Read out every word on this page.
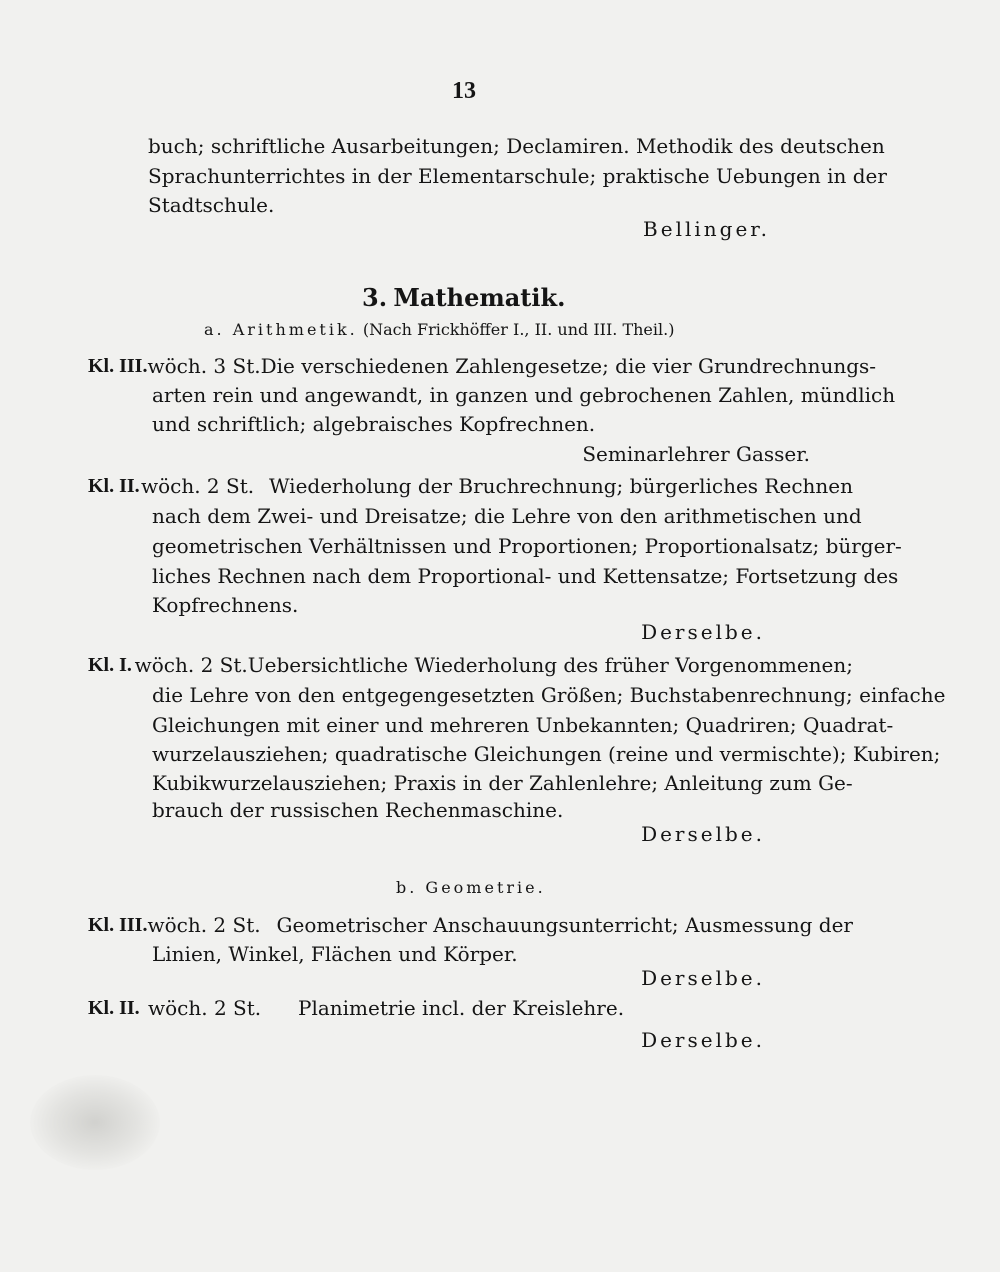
13
buch; schriftliche Ausarbeitungen; Declamiren. Methodik des deutschen
Sprachunterrichtes in der Elementarschule; praktische Uebungen in der
Stadtschule.
Bellinger.
3. Mathematik.
a. Arithmetik. (Nach Frickhöffer I., II. und III. Theil.)
Kl. III. wöch. 3 St. Die verschiedenen Zahlengesetze; die vier Grundrechnungs-
arten rein und angewandt, in ganzen und gebrochenen Zahlen, mündlich
und schriftlich; algebraisches Kopfrechnen.
Seminarlehrer Gasser.
Kl. II. wöch. 2 St. Wiederholung der Bruchrechnung; bürgerliches Rechnen
nach dem Zwei- und Dreisatze; die Lehre von den arithmetischen und
geometrischen Verhältnissen und Proportionen; Proportionalsatz; bürger-
liches Rechnen nach dem Proportional- und Kettensatze; Fortsetzung des
Kopfrechnens.
Derselbe.
Kl. I. wöch. 2 St. Uebersichtliche Wiederholung des früher Vorgenommenen;
die Lehre von den entgegengesetzten Größen; Buchstabenrechnung; einfache
Gleichungen mit einer und mehreren Unbekannten; Quadriren; Quadrat-
wurzelausziehen; quadratische Gleichungen (reine und vermischte); Kubiren;
Kubikwurzelausziehen; Praxis in der Zahlenlehre; Anleitung zum Ge-
brauch der russischen Rechenmaschine.
Derselbe.
b. Geometrie.
Kl. III. wöch. 2 St. Geometrischer Anschauungsunterricht; Ausmessung der
Linien, Winkel, Flächen und Körper.
Derselbe.
Kl. II. wöch. 2 St.	Planimetrie incl. der Kreislehre.
Derselbe.
